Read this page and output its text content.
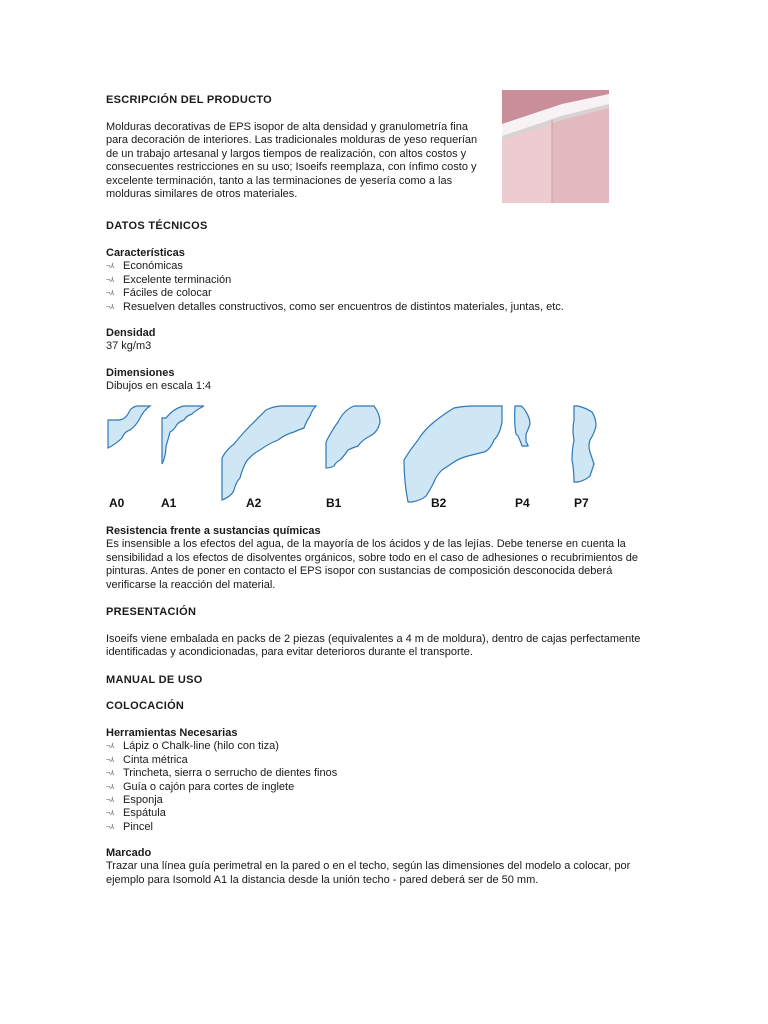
ESCRIPCIÓN DEL PRODUCTO

Molduras decorativas de EPS isopor de alta densidad y granulometría fina

para decoración de interiores. Las tradicionales molduras de yeso requerían

de un trabajo artesanal y largos tiempos de realización, con altos costos y

consecuentes restricciones en su uso; Isoeifs reemplaza, con ínfimo costo y

excelente terminación, tanto a las terminaciones de yesería como a las

molduras similares de otros materiales.

DATOS TÉCNICOS

Características

¬⅄ Económicas
¬⅄ Excelente terminación
¬⅄ Fáciles de colocar
¬⅄ Resuelven detalles constructivos, como ser encuentros de distintos materiales, juntas, etc.

Densidad

37 kg/m3

Dimensiones

Dibujos en escala 1:4

A0	A1	A2	B1	B2	P4	P7

Resistencia frente a sustancias químicas

Es insensible a los efectos del agua, de la mayoría de los ácidos y de las lejías. Debe tenerse en cuenta la

sensibilidad a los efectos de disolventes orgánicos, sobre todo en el caso de adhesiones o recubrimientos de

pinturas. Antes de poner en contacto el EPS isopor con sustancias de composición desconocida deberá

verificarse la reacción del material.

PRESENTACIÓN

Isoeifs viene embalada en packs de 2 piezas (equivalentes a 4 m de moldura), dentro de cajas perfectamente

identificadas y acondicionadas, para evitar deterioros durante el transporte.

MANUAL DE USO
COLOCACIÓN

Herramientas Necesarias

¬⅄ Lápiz o Chalk-line (hilo con tiza)
¬⅄ Cinta métrica
¬⅄ Trincheta, sierra o serrucho de dientes finos
¬⅄ Guía o cajón para cortes de inglete
¬⅄ Esponja
¬⅄ Espátula
¬⅄ Pincel

Marcado

Trazar una línea guía perimetral en la pared o en el techo, según las dimensiones del modelo a colocar, por

ejemplo para Isomold A1 la distancia desde la unión techo - pared deberá ser de 50 mm.
